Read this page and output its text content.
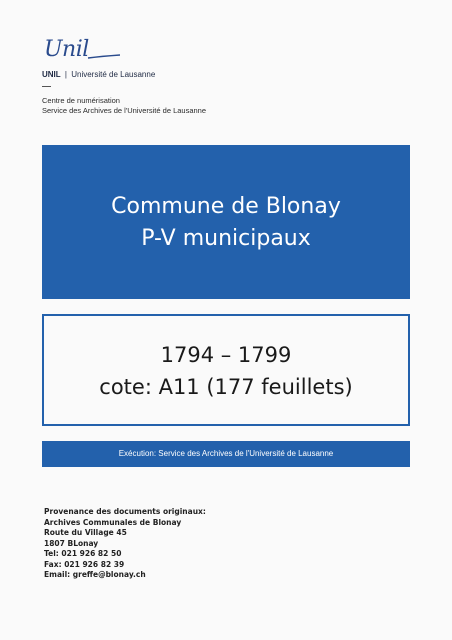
Unil
UNIL | Université de Lausanne
Centre de numérisation
Service des Archives de l'Université de Lausanne
Commune de Blonay
P-V municipaux
1794 – 1799
cote: A11 (177 feuillets)
Exécution: Service des Archives de l'Université de Lausanne
Provenance des documents originaux:
Archives Communales de Blonay
Route du Village 45
1807 BLonay
Tel: 021 926 82 50
Fax: 021 926 82 39
Email: greffe@blonay.ch
